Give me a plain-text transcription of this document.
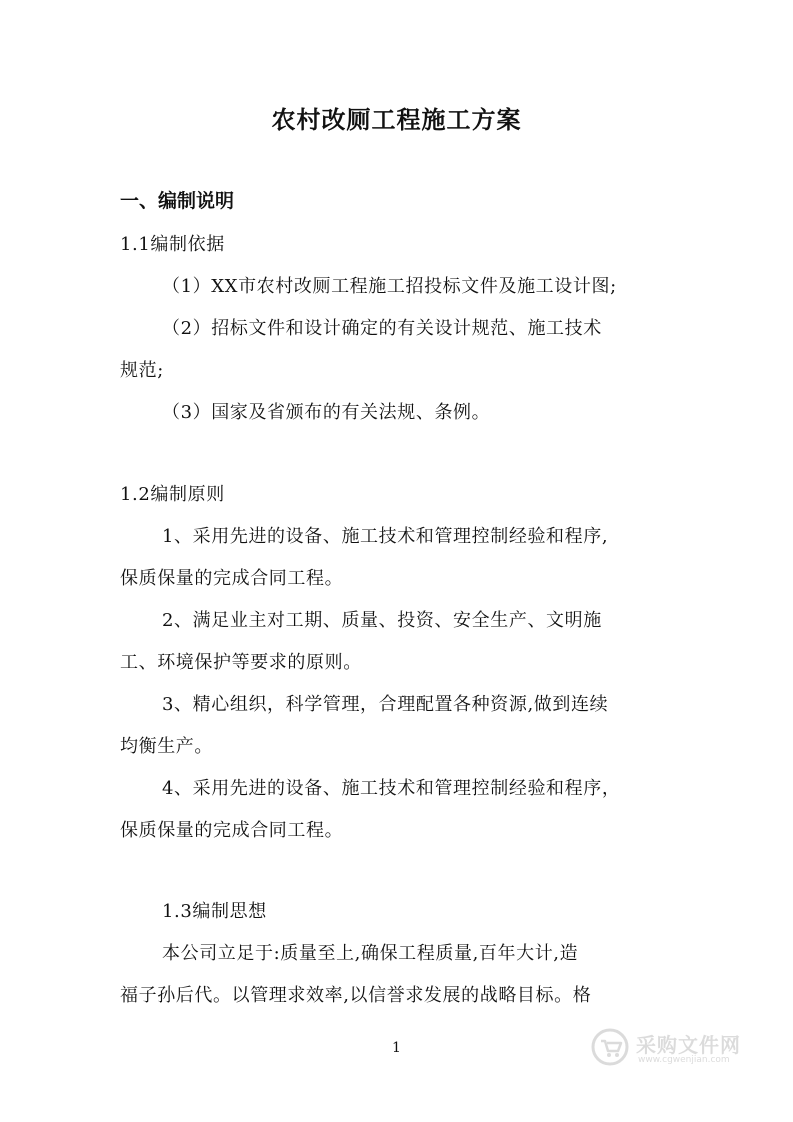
农村改厕工程施工方案
一、编制说明
1.1编制依据
（1）XX市农村改厕工程施工招投标文件及施工设计图;
（2）招标文件和设计确定的有关设计规范、施工技术
规范;
（3）国家及省颁布的有关法规、条例。
1.2编制原则
1、采用先进的设备、施工技术和管理控制经验和程序,
保质保量的完成合同工程。
2、满足业主对工期、质量、投资、安全生产、文明施
工、环境保护等要求的原则。
3、精心组织，科学管理，合理配置各种资源,做到连续
均衡生产。
4、采用先进的设备、施工技术和管理控制经验和程序，
保质保量的完成合同工程。
1.3编制思想
本公司立足于:质量至上,确保工程质量,百年大计,造
福子孙后代。以管理求效率,以信誉求发展的战略目标。格
1	采购文件网
www.cgwenjian.com
